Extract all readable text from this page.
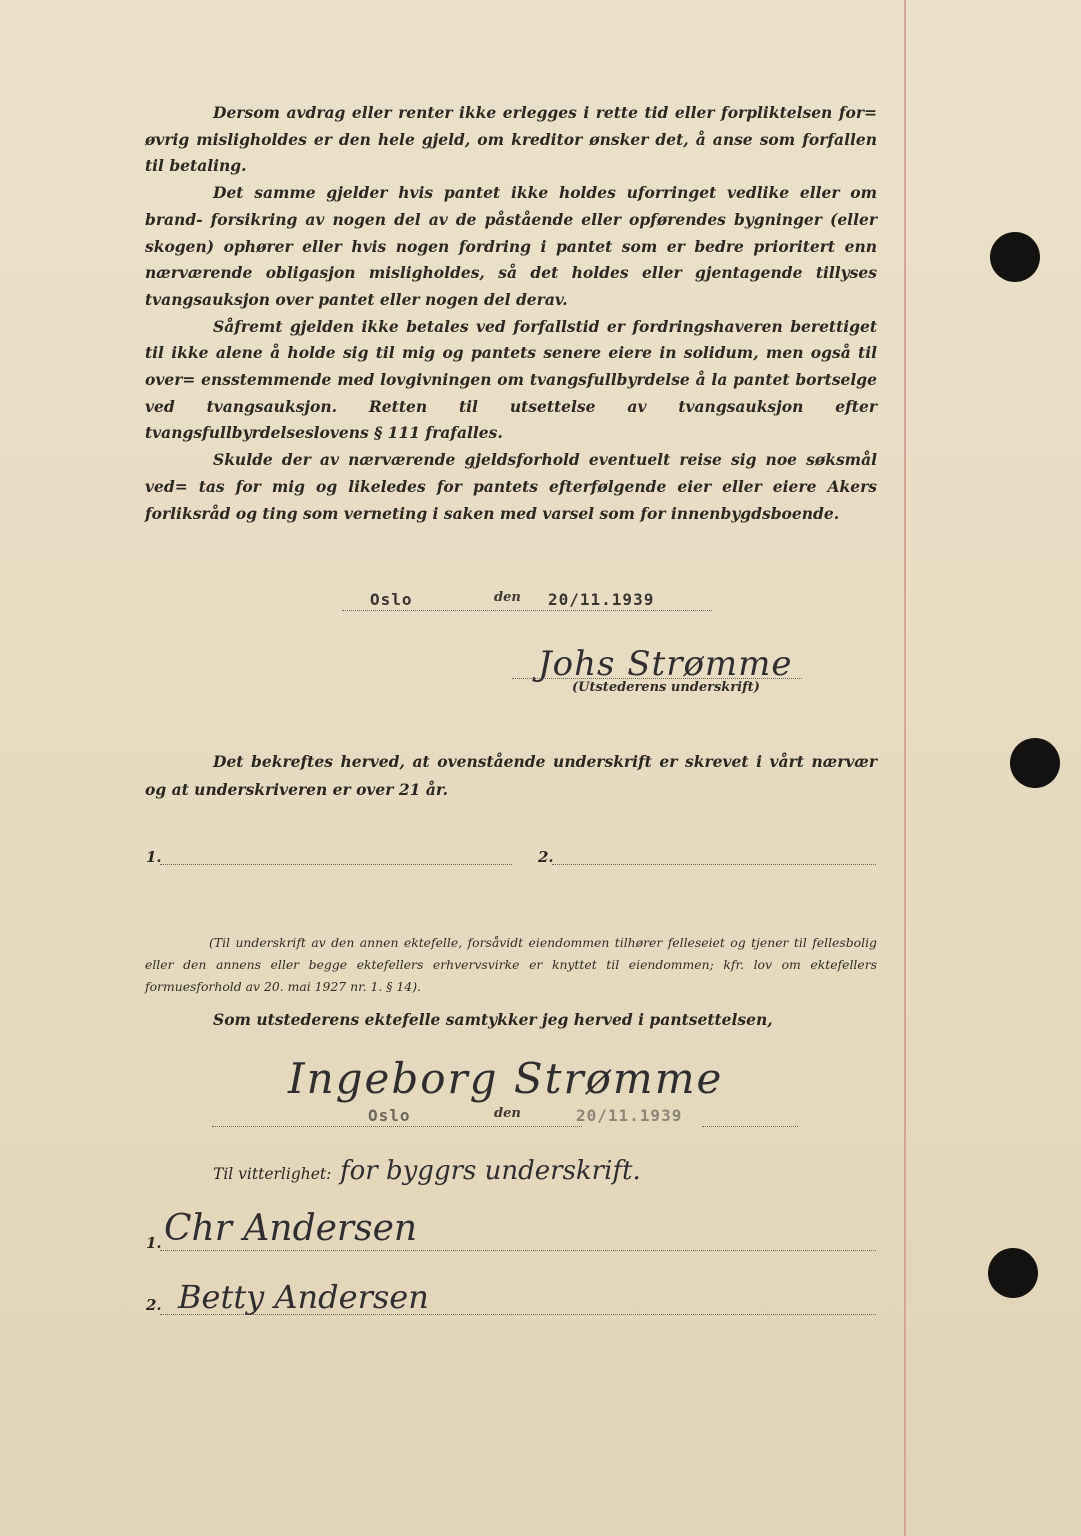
Dersom avdrag eller renter ikke erlegges i rette tid eller forpliktelsen for= øvrig misligholdes er den hele gjeld, om kreditor ønsker det, å anse som forfallen til betaling.

Det samme gjelder hvis pantet ikke holdes uforringet vedlike eller om brand- forsikring av nogen del av de påstående eller opførendes bygninger (eller skogen) ophører eller hvis nogen fordring i pantet som er bedre prioritert enn nærværende obligasjon misligholdes, så det holdes eller gjentagende tillyses tvangsauksjon over pantet eller nogen del derav.

Såfremt gjelden ikke betales ved forfallstid er fordringshaveren berettiget til ikke alene å holde sig til mig og pantets senere eiere in solidum, men også til over= ensstemmende med lovgivningen om tvangsfullbyrdelse å la pantet bortselge ved tvangsauksjon. Retten til utsettelse av tvangsauksjon efter tvangsfullbyrdelseslovens § 111 frafalles.

Skulde der av nærværende gjeldsforhold eventuelt reise sig noe søksmål ved= tas for mig og likeledes for pantets efterfølgende eier eller eiere Akers forliksråd og ting som verneting i saken med varsel som for innenbygdsboende.

Oslo	den 20/11.1939
Johs Strømme
(Utstederens underskrift)

Det bekreftes herved, at ovenstående underskrift er skrevet i vårt nærvær og at underskriveren er over 21 år.

1.	2.

(Til underskrift av den annen ektefelle, forsåvidt eiendommen tilhører felleseiet og tjener til fellesbolig eller den annens eller begge ektefellers erhvervsvirke er knyttet til eiendommen; kfr. lov om ektefellers formuesforhold av 20. mai 1927 nr. 1. § 14).

Som utstederens ektefelle samtykker jeg herved i pantsettelsen,
Ingeborg Strømme
Oslo	den	20/11.1939
Til vitterlighet: for byggrs underskrift.
1. Chr Andersen
2. Betty Andersen
